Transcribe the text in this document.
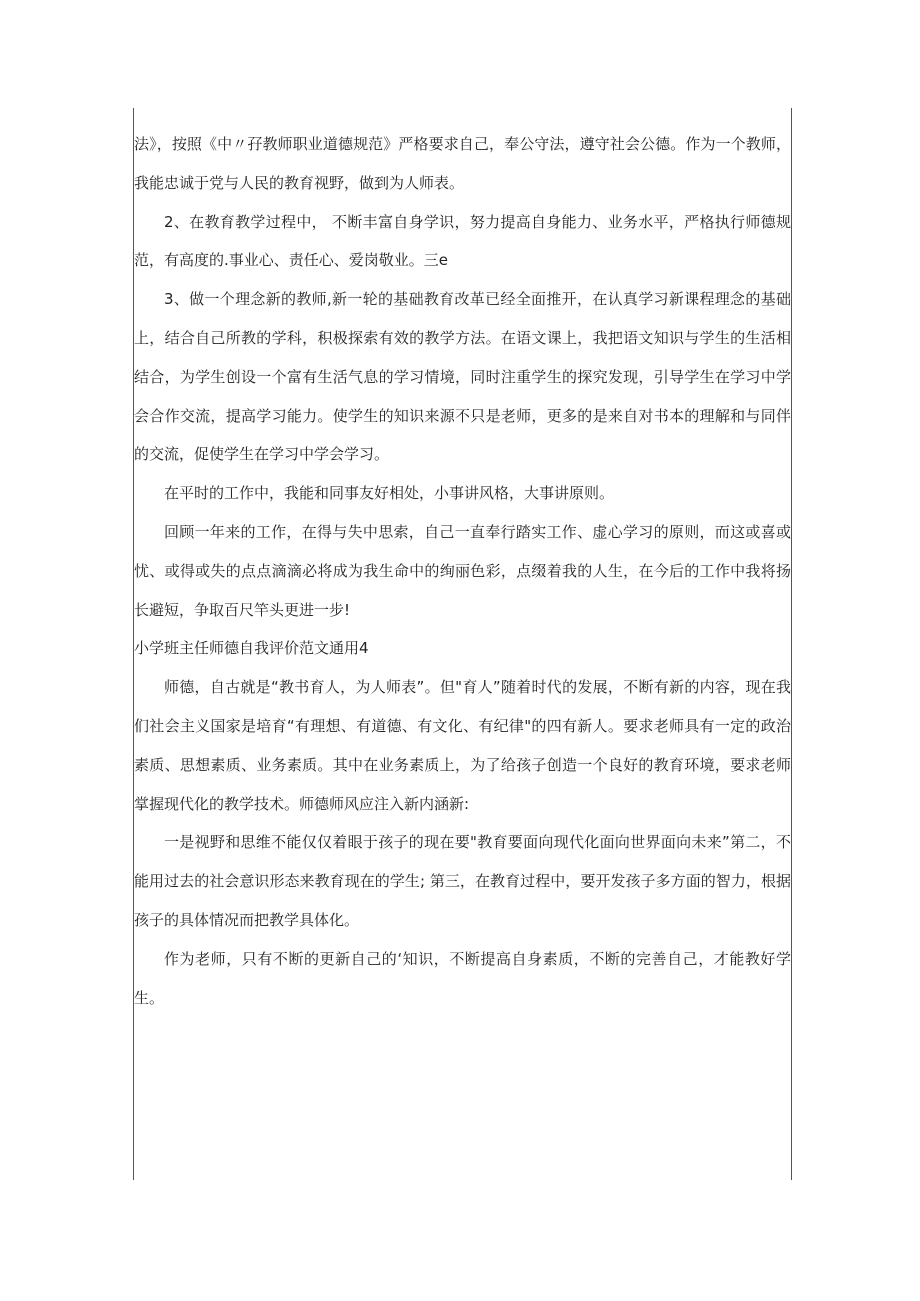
法》，按照《中〃孖教师职业道德规范》严格要求自己，奉公守法，遵守社会公德。作为一个教师，我能忠诚于党与人民的教育视野，做到为人师表。

2、在教育教学过程中， 不断丰富自身学识，努力提高自身能力、业务水平，严格执行师德规范，有高度的.事业心、责任心、爱岗敬业。三e

3、做一个理念新的教师,新一轮的基础教育改革已经全面推开，在认真学习新课程理念的基础上，结合自己所教的学科，积极探索有效的教学方法。在语文课上，我把语文知识与学生的生活相结合，为学生创设一个富有生活气息的学习情境，同时注重学生的探究发现，引导学生在学习中学会合作交流，提高学习能力。使学生的知识来源不只是老师，更多的是来自对书本的理解和与同伴的交流，促使学生在学习中学会学习。

在平时的工作中，我能和同事友好相处，小事讲风格，大事讲原则。

回顾一年来的工作，在得与失中思索，自己一直奉行踏实工作、虚心学习的原则，而这或喜或忧、或得或失的点点滴滴必将成为我生命中的绚丽色彩，点缀着我的人生，在今后的工作中我将扬长避短，争取百尺竿头更进一步!

小学班主任师德自我评价范文通用4

师德，自古就是“教书育人，为人师表”。但"育人”随着时代的发展，不断有新的内容，现在我们社会主义国家是培育“有理想、有道德、有文化、有纪律"的四有新人。要求老师具有一定的政治素质、思想素质、业务素质。其中在业务素质上，为了给孩子创造一个良好的教育环境，要求老师掌握现代化的教学技术。师德师风应注入新内涵新:

一是视野和思维不能仅仅着眼于孩子的现在要"教育要面向现代化面向世界面向未来”第二，不能用过去的社会意识形态来教育现在的学生; 第三，在教育过程中，要开发孩子多方面的智力，根据孩子的具体情况而把教学具体化。

作为老师，只有不断的更新自己的‘知识，不断提高自身素质，不断的完善自己，才能教好学生。
